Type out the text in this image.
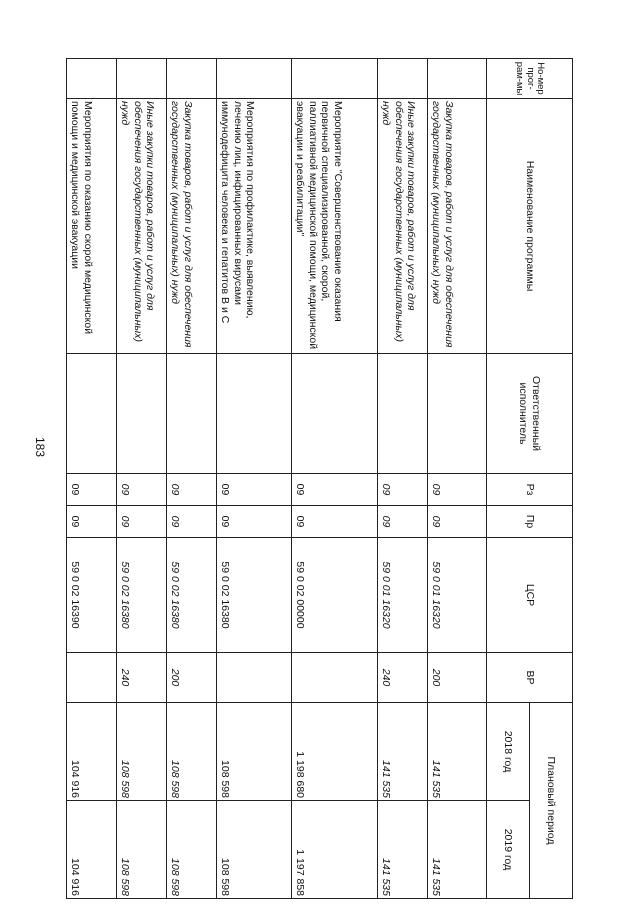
183
Но-мер прог-рам-мы	Наименование программы	Ответственный исполнитель	Рз	Пр	ЦСР	ВР	Плановый период	
							2018 год	2019 год
	Закупка товаров, работ и услуг для обеспечения государственных (муниципальных) нужд		09	09	59 0 01 16320	200	141 535	141 535
	Иные закупки товаров, работ и услуг для обеспечения государственных (муниципальных) нужд		09	09	59 0 01 16320	240	141 535	141 535
	Мероприятие "Совершенствование оказания первичной специализированной, скорой, паллиативной медицинской помощи, медицинской эвакуации и реабилитации"		09	09	59 0 02 00000		1 198 680	1 197 858
	Мероприятия по профилактике, выявлению, лечению лиц, инфицированных вирусами иммунодефицита человека и гепатитов В и С		09	09	59 0 02 16380		108 598	108 598
	Закупка товаров, работ и услуг для обеспечения государственных (муниципальных) нужд		09	09	59 0 02 16380	200	108 598	108 598
	Иные закупки товаров, работ и услуг для обеспечения государственных (муниципальных) нужд		09	09	59 0 02 16380	240	108 598	108 598
	Мероприятия по оказанию скорой медицинской помощи и медицинской эвакуации		09	09	59 0 02 16390		104 916	104 916
